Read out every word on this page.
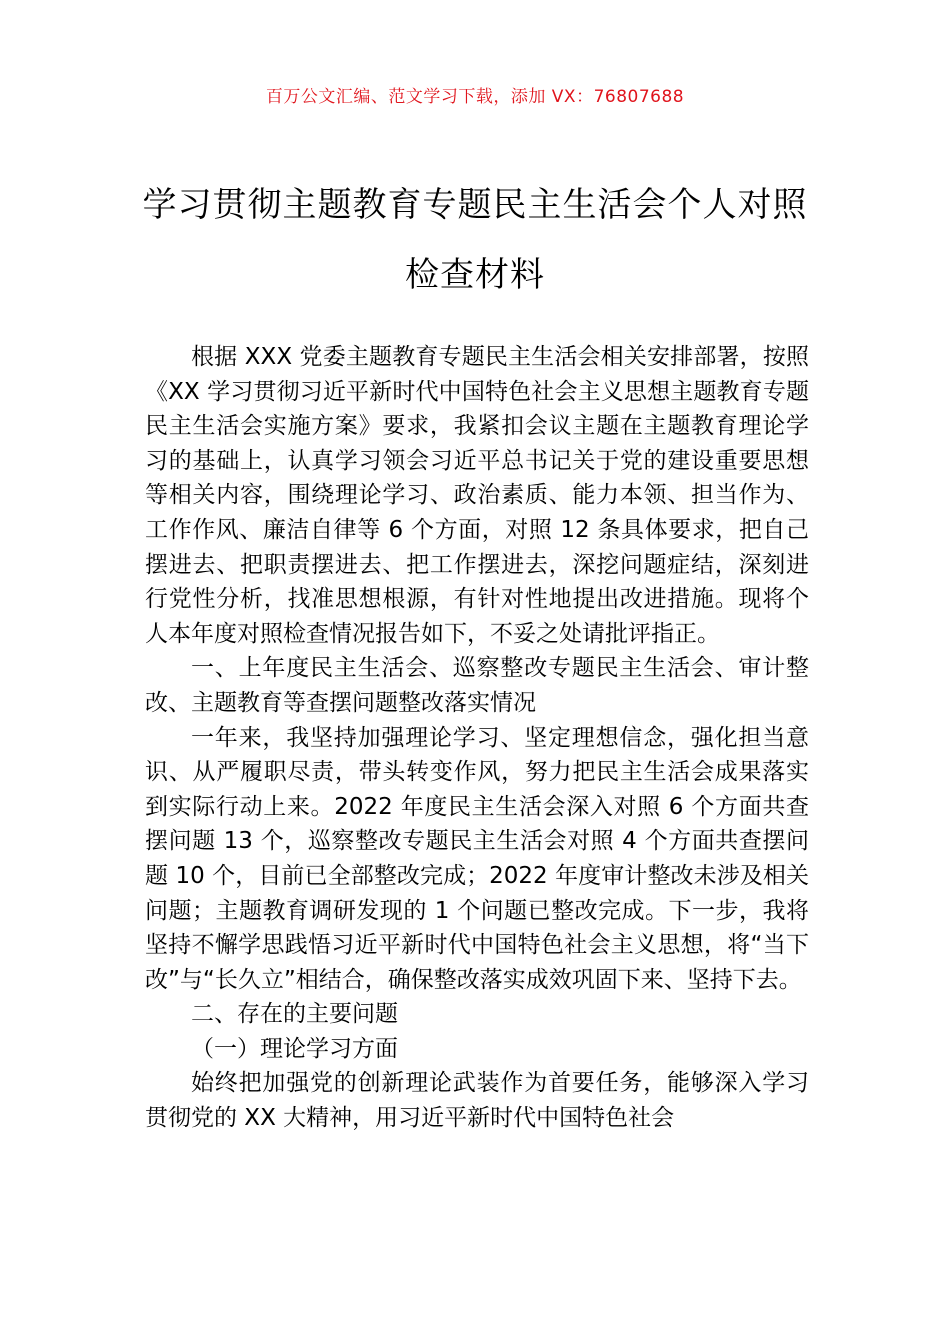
百万公文汇编、范文学习下载，添加 VX：76807688
学习贯彻主题教育专题民主生活会个人对照检查材料

根据 XXX 党委主题教育专题民主生活会相关安排部署，按照《XX 学习贯彻习近平新时代中国特色社会主义思想主题教育专题民主生活会实施方案》要求，我紧扣会议主题在主题教育理论学习的基础上，认真学习领会习近平总书记关于党的建设重要思想等相关内容，围绕理论学习、政治素质、能力本领、担当作为、工作作风、廉洁自律等 6 个方面，对照 12 条具体要求，把自己摆进去、把职责摆进去、把工作摆进去，深挖问题症结，深刻进行党性分析，找准思想根源，有针对性地提出改进措施。现将个人本年度对照检查情况报告如下，不妥之处请批评指正。

一、上年度民主生活会、巡察整改专题民主生活会、审计整改、主题教育等查摆问题整改落实情况

一年来，我坚持加强理论学习、坚定理想信念，强化担当意识、从严履职尽责，带头转变作风，努力把民主生活会成果落实到实际行动上来。2022 年度民主生活会深入对照 6 个方面共查摆问题 13 个，巡察整改专题民主生活会对照 4 个方面共查摆问题 10 个，目前已全部整改完成；2022 年度审计整改未涉及相关问题；主题教育调研发现的 1 个问题已整改完成。下一步，我将坚持不懈学思践悟习近平新时代中国特色社会主义思想，将“当下改”与“长久立”相结合，确保整改落实成效巩固下来、坚持下去。

二、存在的主要问题

（一）理论学习方面

始终把加强党的创新理论武装作为首要任务，能够深入学习贯彻党的 XX 大精神，用习近平新时代中国特色社会
